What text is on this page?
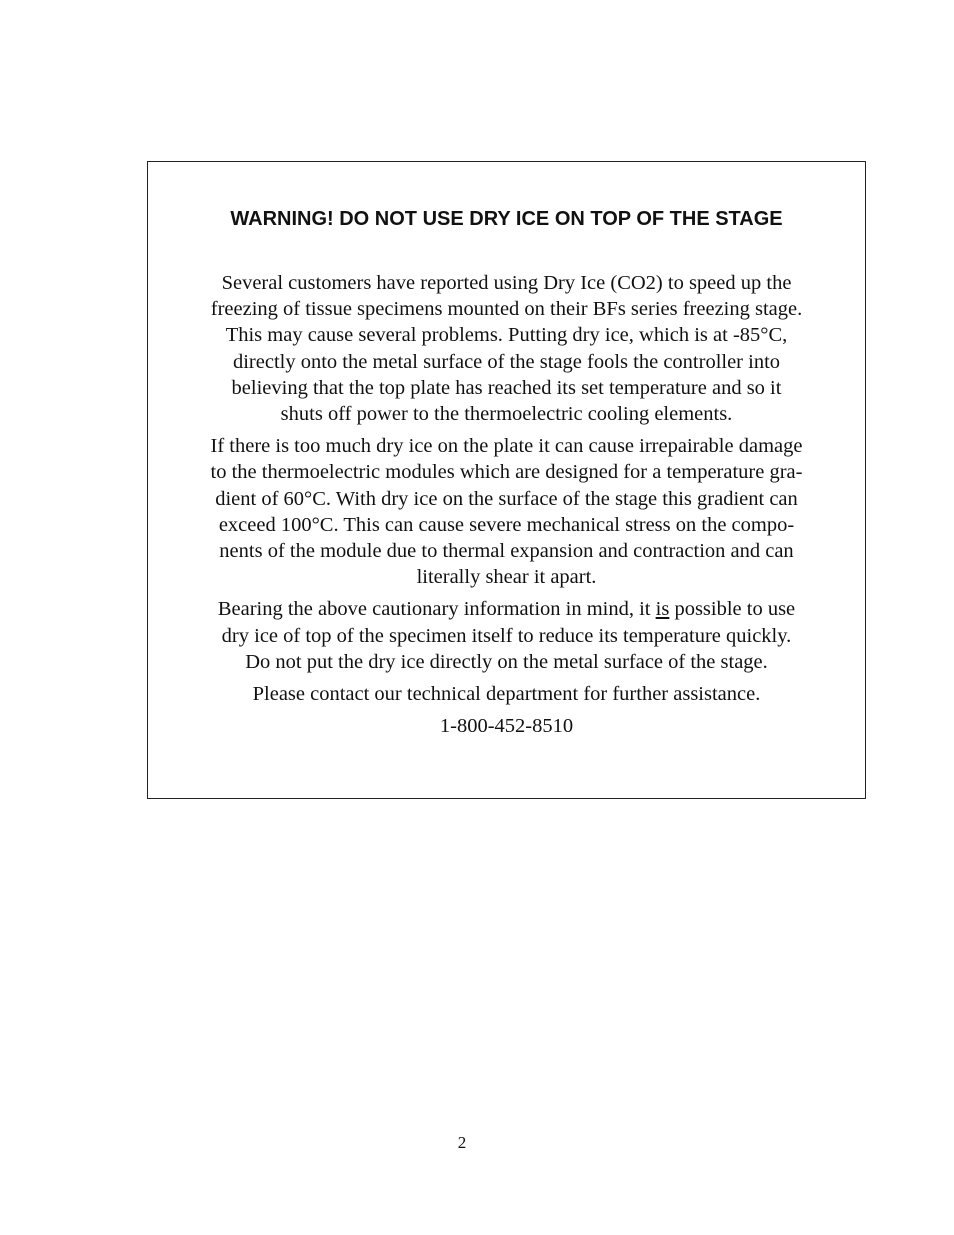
WARNING! DO NOT USE DRY ICE ON TOP OF THE STAGE

Several customers have reported using Dry Ice (CO2) to speed up the
freezing of tissue specimens mounted on their BFs series freezing stage.
This may cause several problems. Putting dry ice, which is at -85°C,
directly onto the metal surface of the stage fools the controller into
believing that the top plate has reached its set temperature and so it
shuts off power to the thermoelectric cooling elements.

If there is too much dry ice on the plate it can cause irrepairable damage
to the thermoelectric modules which are designed for a temperature gra-
dient of 60°C. With dry ice on the surface of the stage this gradient can
exceed 100°C. This can cause severe mechanical stress on the compo-
nents of the module due to thermal expansion and contraction and can
literally shear it apart.

Bearing the above cautionary information in mind, it is possible to use
dry ice of top of the specimen itself to reduce its temperature quickly.
Do not put the dry ice directly on the metal surface of the stage.

Please contact our technical department for further assistance.

1-800-452-8510

2
